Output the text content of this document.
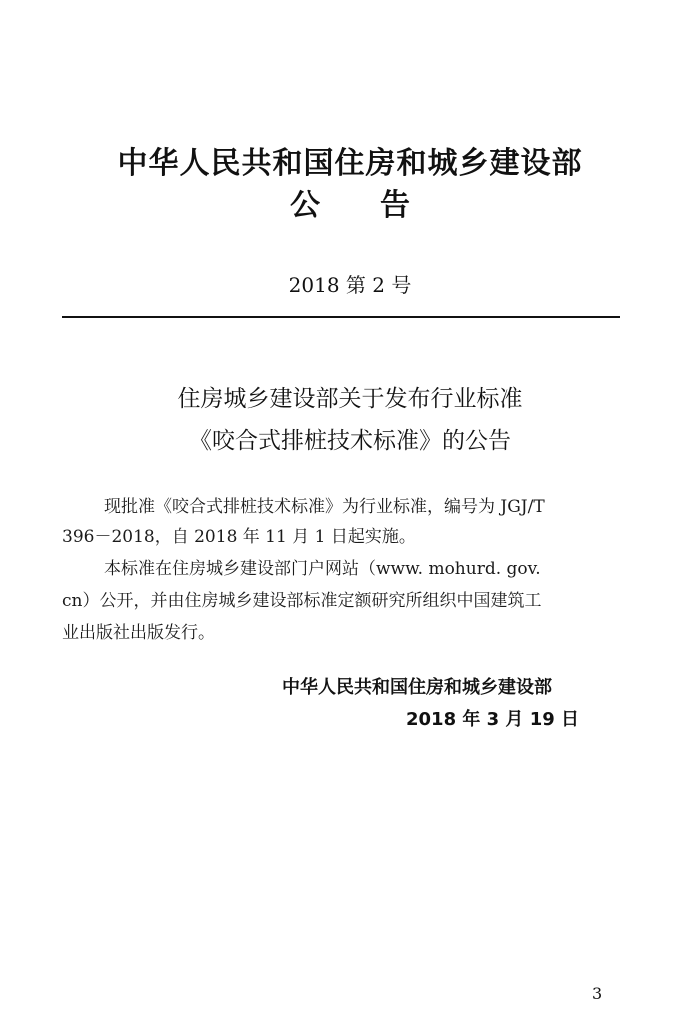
中华人民共和国住房和城乡建设部
公告
2018 第 2 号
住房城乡建设部关于发布行业标准
《咬合式排桩技术标准》的公告
现批准《咬合式排桩技术标准》为行业标准，编号为 JGJ/T
396－2018，自 2018 年 11 月 1 日起实施。
本标准在住房城乡建设部门户网站（www. mohurd. gov.
cn）公开，并由住房城乡建设部标准定额研究所组织中国建筑工
业出版社出版发行。
中华人民共和国住房和城乡建设部
2018 年 3 月 19 日
3
